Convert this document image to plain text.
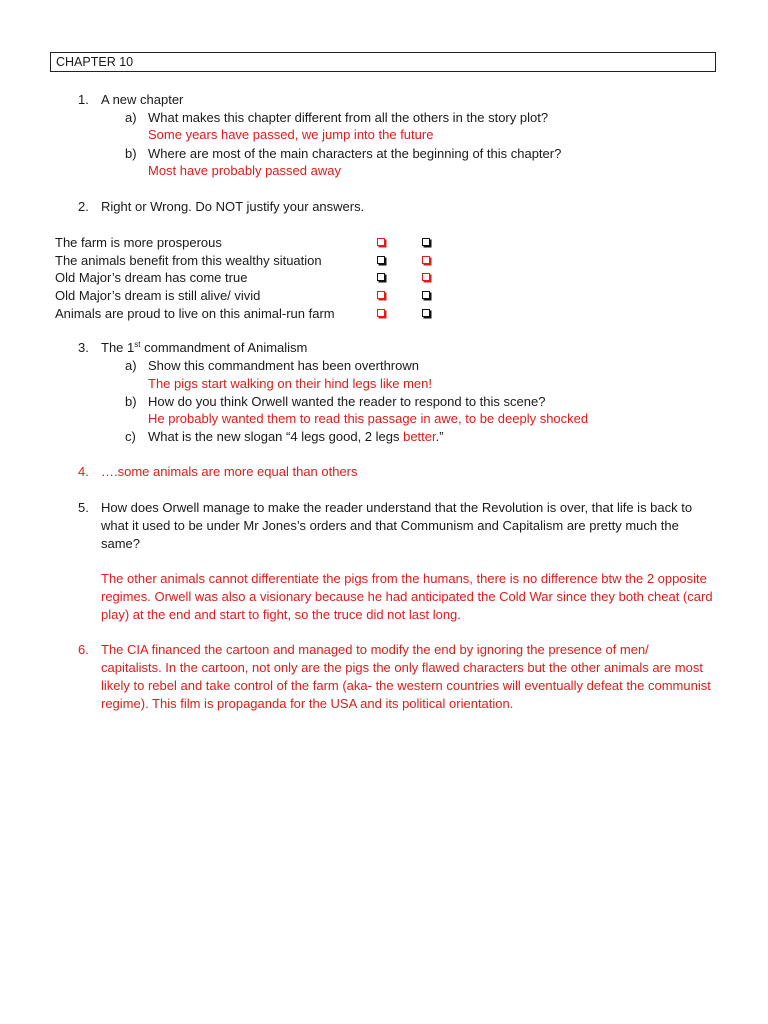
CHAPTER 10
1. A new chapter
a) What makes this chapter different from all the others in the story plot?
Some years have passed, we jump into the future
b) Where are most of the main characters at the beginning of this chapter?
Most have probably passed away
2. Right or Wrong. Do NOT justify your answers.
The farm is more prosperous
The animals benefit from this wealthy situation
Old Major’s dream has come true
Old Major’s dream is still alive/ vivid
Animals are proud to live on this animal-run farm
3. The 1st commandment of Animalism
a) Show this commandment has been overthrown
The pigs start walking on their hind legs like men!
b) How do you think Orwell wanted the reader to respond to this scene?
He probably wanted them to read this passage in awe, to be deeply shocked
c) What is the new slogan “4 legs good, 2 legs better.”
4. ….some animals are more equal than others
5. How does Orwell manage to make the reader understand that the Revolution is over, that life is back to what it used to be under Mr Jones’s orders and that Communism and Capitalism are pretty much the same?
The other animals cannot differentiate the pigs from the humans, there is no difference btw the 2 opposite regimes. Orwell was also a visionary because he had anticipated the Cold War since they both cheat (card play) at the end and start to fight, so the truce did not last long.
6. The CIA financed the cartoon and managed to modify the end by ignoring the presence of men/ capitalists. In the cartoon, not only are the pigs the only flawed characters but the other animals are most likely to rebel and take control of the farm (aka- the western countries will eventually defeat the communist regime). This film is propaganda for the USA and its political orientation.
